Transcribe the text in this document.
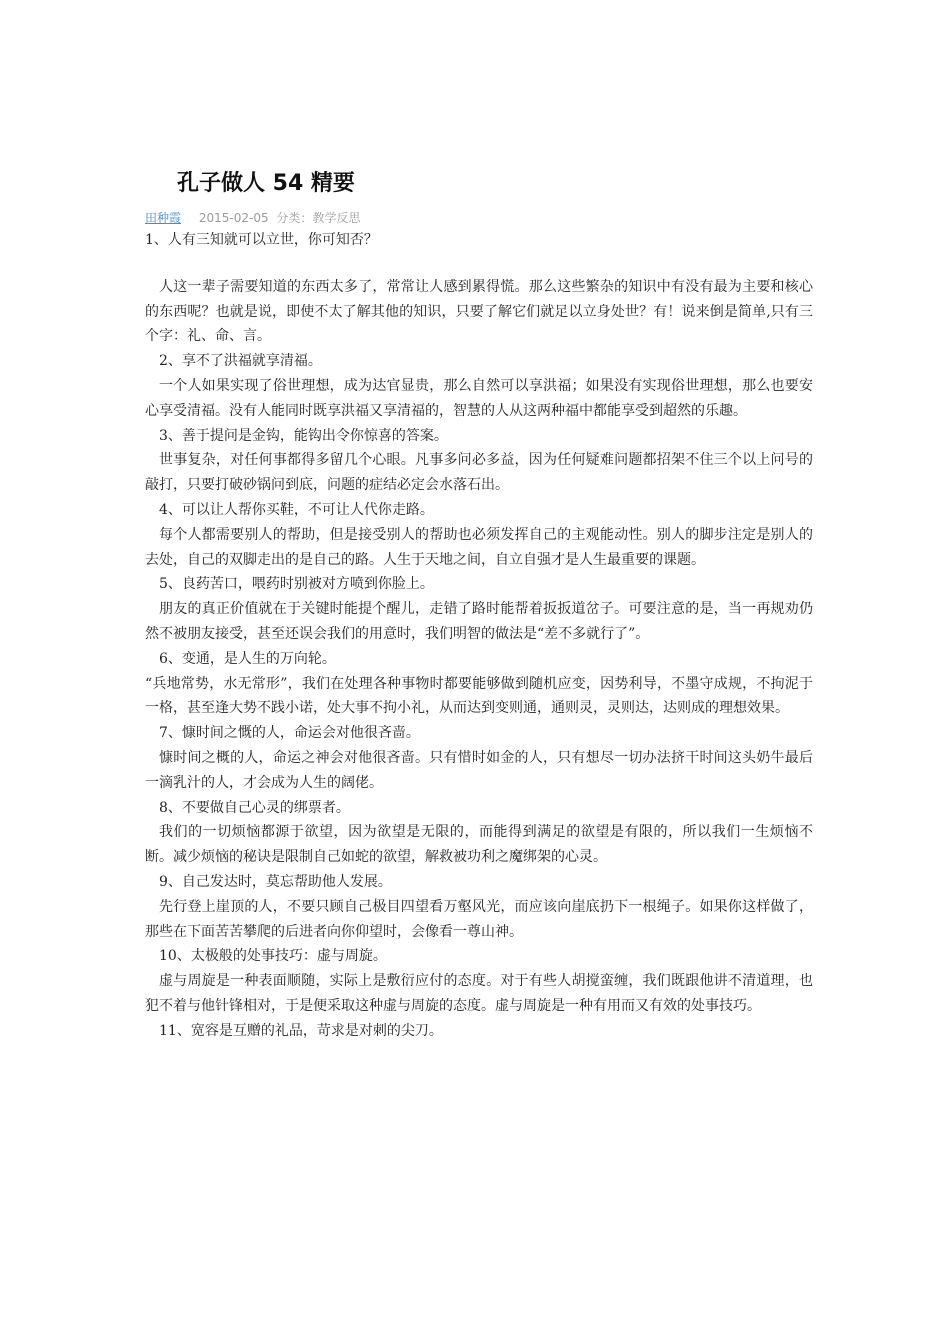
孔子做人 54 精要
田种霞 2015-02-05 分类：教学反思

1、人有三知就可以立世，你可知否？

人这一辈子需要知道的东西太多了，常常让人感到累得慌。那么这些繁杂的知识中有没有最为主要和核心的东西呢？也就是说，即使不太了解其他的知识，只要了解它们就足以立身处世？有！说来倒是简单,只有三个字：礼、命、言。

2、享不了洪福就享清福。

一个人如果实现了俗世理想，成为达官显贵，那么自然可以享洪福；如果没有实现俗世理想，那么也要安心享受清福。没有人能同时既享洪福又享清福的，智慧的人从这两种福中都能享受到超然的乐趣。

3、善于提问是金钩，能钩出令你惊喜的答案。

世事复杂，对任何事都得多留几个心眼。凡事多问必多益，因为任何疑难问题都招架不住三个以上问号的敲打，只要打破砂锅问到底，问题的症结必定会水落石出。

4、可以让人帮你买鞋，不可让人代你走路。

每个人都需要别人的帮助，但是接受别人的帮助也必须发挥自己的主观能动性。别人的脚步注定是别人的去处，自己的双脚走出的是自己的路。人生于天地之间，自立自强才是人生最重要的课题。

5、良药苦口，喂药时别被对方喷到你脸上。

朋友的真正价值就在于关键时能提个醒儿，走错了路时能帮着扳扳道岔子。可要注意的是，当一再规劝仍然不被朋友接受，甚至还误会我们的用意时，我们明智的做法是“差不多就行了”。

6、变通，是人生的万向轮。

“兵地常势，水无常形”，我们在处理各种事物时都要能够做到随机应变，因势利导，不墨守成规，不拘泥于一格，甚至逢大势不践小诺，处大事不拘小礼，从而达到变则通，通则灵，灵则达，达则成的理想效果。

7、慷时间之慨的人，命运会对他很吝啬。

慷时间之概的人，命运之神会对他很吝啬。只有惜时如金的人，只有想尽一切办法挤干时间这头奶牛最后一滴乳汁的人，才会成为人生的阔佬。

8、不要做自己心灵的绑票者。

我们的一切烦恼都源于欲望，因为欲望是无限的，而能得到满足的欲望是有限的，所以我们一生烦恼不断。减少烦恼的秘诀是限制自己如蛇的欲望，解救被功利之魔绑架的心灵。

9、自己发达时，莫忘帮助他人发展。

先行登上崖顶的人，不要只顾自己极目四望看万壑风光，而应该向崖底扔下一根绳子。如果你这样做了，那些在下面苦苦攀爬的后进者向你仰望时，会像看一尊山神。

10、太极般的处事技巧：虚与周旋。

虚与周旋是一种表面顺随，实际上是敷衍应付的态度。对于有些人胡搅蛮缠，我们既跟他讲不清道理，也犯不着与他针锋相对，于是便采取这种虚与周旋的态度。虚与周旋是一种有用而又有效的处事技巧。

11、宽容是互赠的礼品，苛求是对刺的尖刀。
